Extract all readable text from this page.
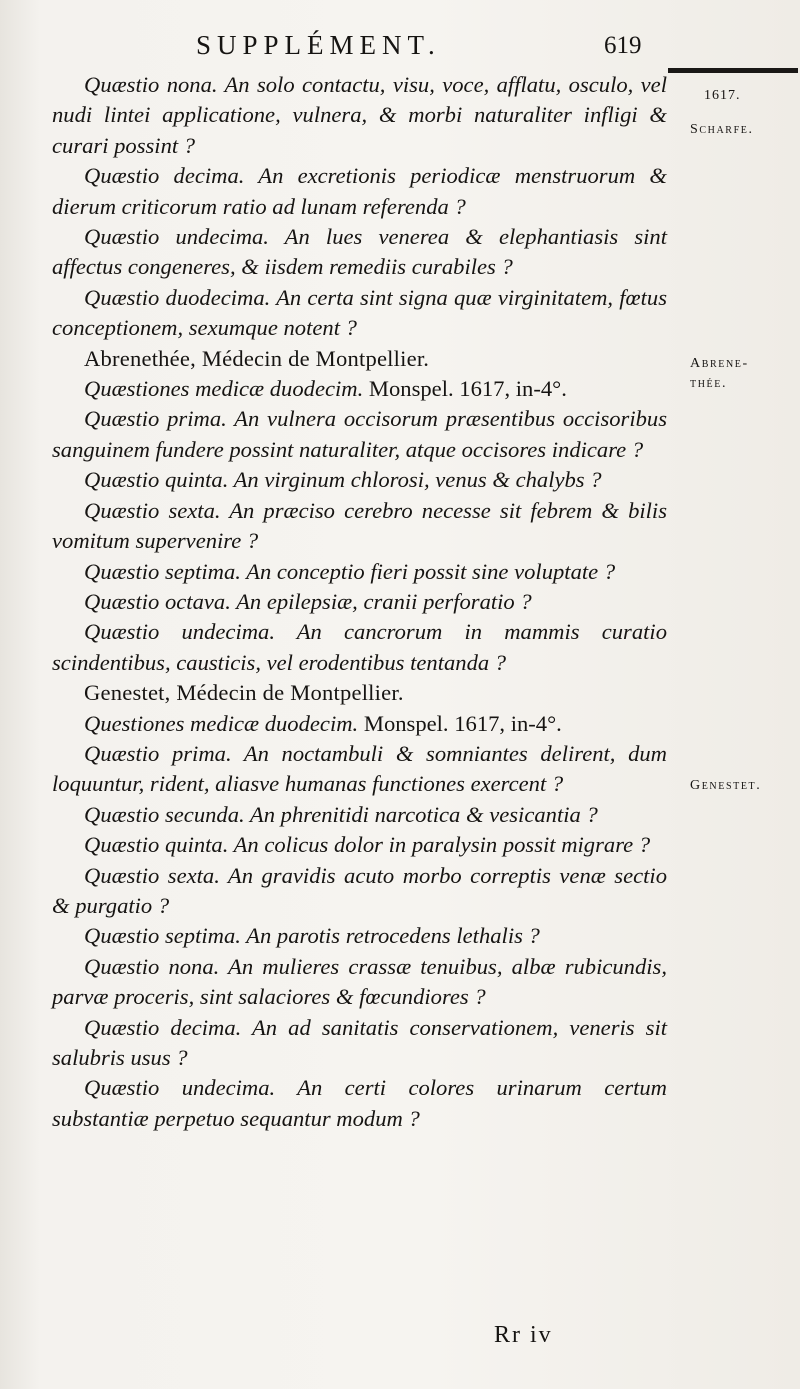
SUPPLÉMENT.	619
1617.
Scharfe.
Abrene-thée.
Genestet.

Quæstio nona. An solo contactu, visu, voce, afflatu, osculo, vel nudi lintei applicatione, vulnera, & morbi naturaliter infligi & curari possint ?

Quæstio decima. An excretionis periodicæ menstruorum & dierum criticorum ratio ad lunam referenda ?

Quæstio undecima. An lues venerea & elephantiasis sint affectus congeneres, & iisdem remediis curabiles ?

Quæstio duodecima. An certa sint signa quæ virginitatem, fœtus conceptionem, sexumque notent ?

Abrenethée, Médecin de Montpellier.

Quæstiones medicæ duodecim. Monspel. 1617, in-4°.

Quæstio prima. An vulnera occisorum præsentibus occisoribus sanguinem fundere possint naturaliter, atque occisores indicare ?

Quæstio quinta. An virginum chlorosi, venus & chalybs ?

Quæstio sexta. An præciso cerebro necesse sit febrem & bilis vomitum supervenire ?

Quæstio septima. An conceptio fieri possit sine voluptate ?

Quæstio octava. An epilepsiæ, cranii perforatio ?

Quæstio undecima. An cancrorum in mammis curatio scindentibus, causticis, vel erodentibus tentanda ?

Genestet, Médecin de Montpellier.

Questiones medicæ duodecim. Monspel. 1617, in-4°.

Quæstio prima. An noctambuli & somniantes delirent, dum loquuntur, rident, aliasve humanas functiones exercent ?

Quæstio secunda. An phrenitidi narcotica & vesicantia ?

Quæstio quinta. An colicus dolor in paralysin possit migrare ?

Quæstio sexta. An gravidis acuto morbo correptis venæ sectio & purgatio ?

Quæstio septima. An parotis retrocedens lethalis ?

Quæstio nona. An mulieres crassæ tenuibus, albæ rubicundis, parvæ proceris, sint salaciores & fœcundiores ?

Quæstio decima. An ad sanitatis conservationem, veneris sit salubris usus ?

Quæstio undecima. An certi colores urinarum certum substantiæ perpetuo sequantur modum ?

Rr iv
